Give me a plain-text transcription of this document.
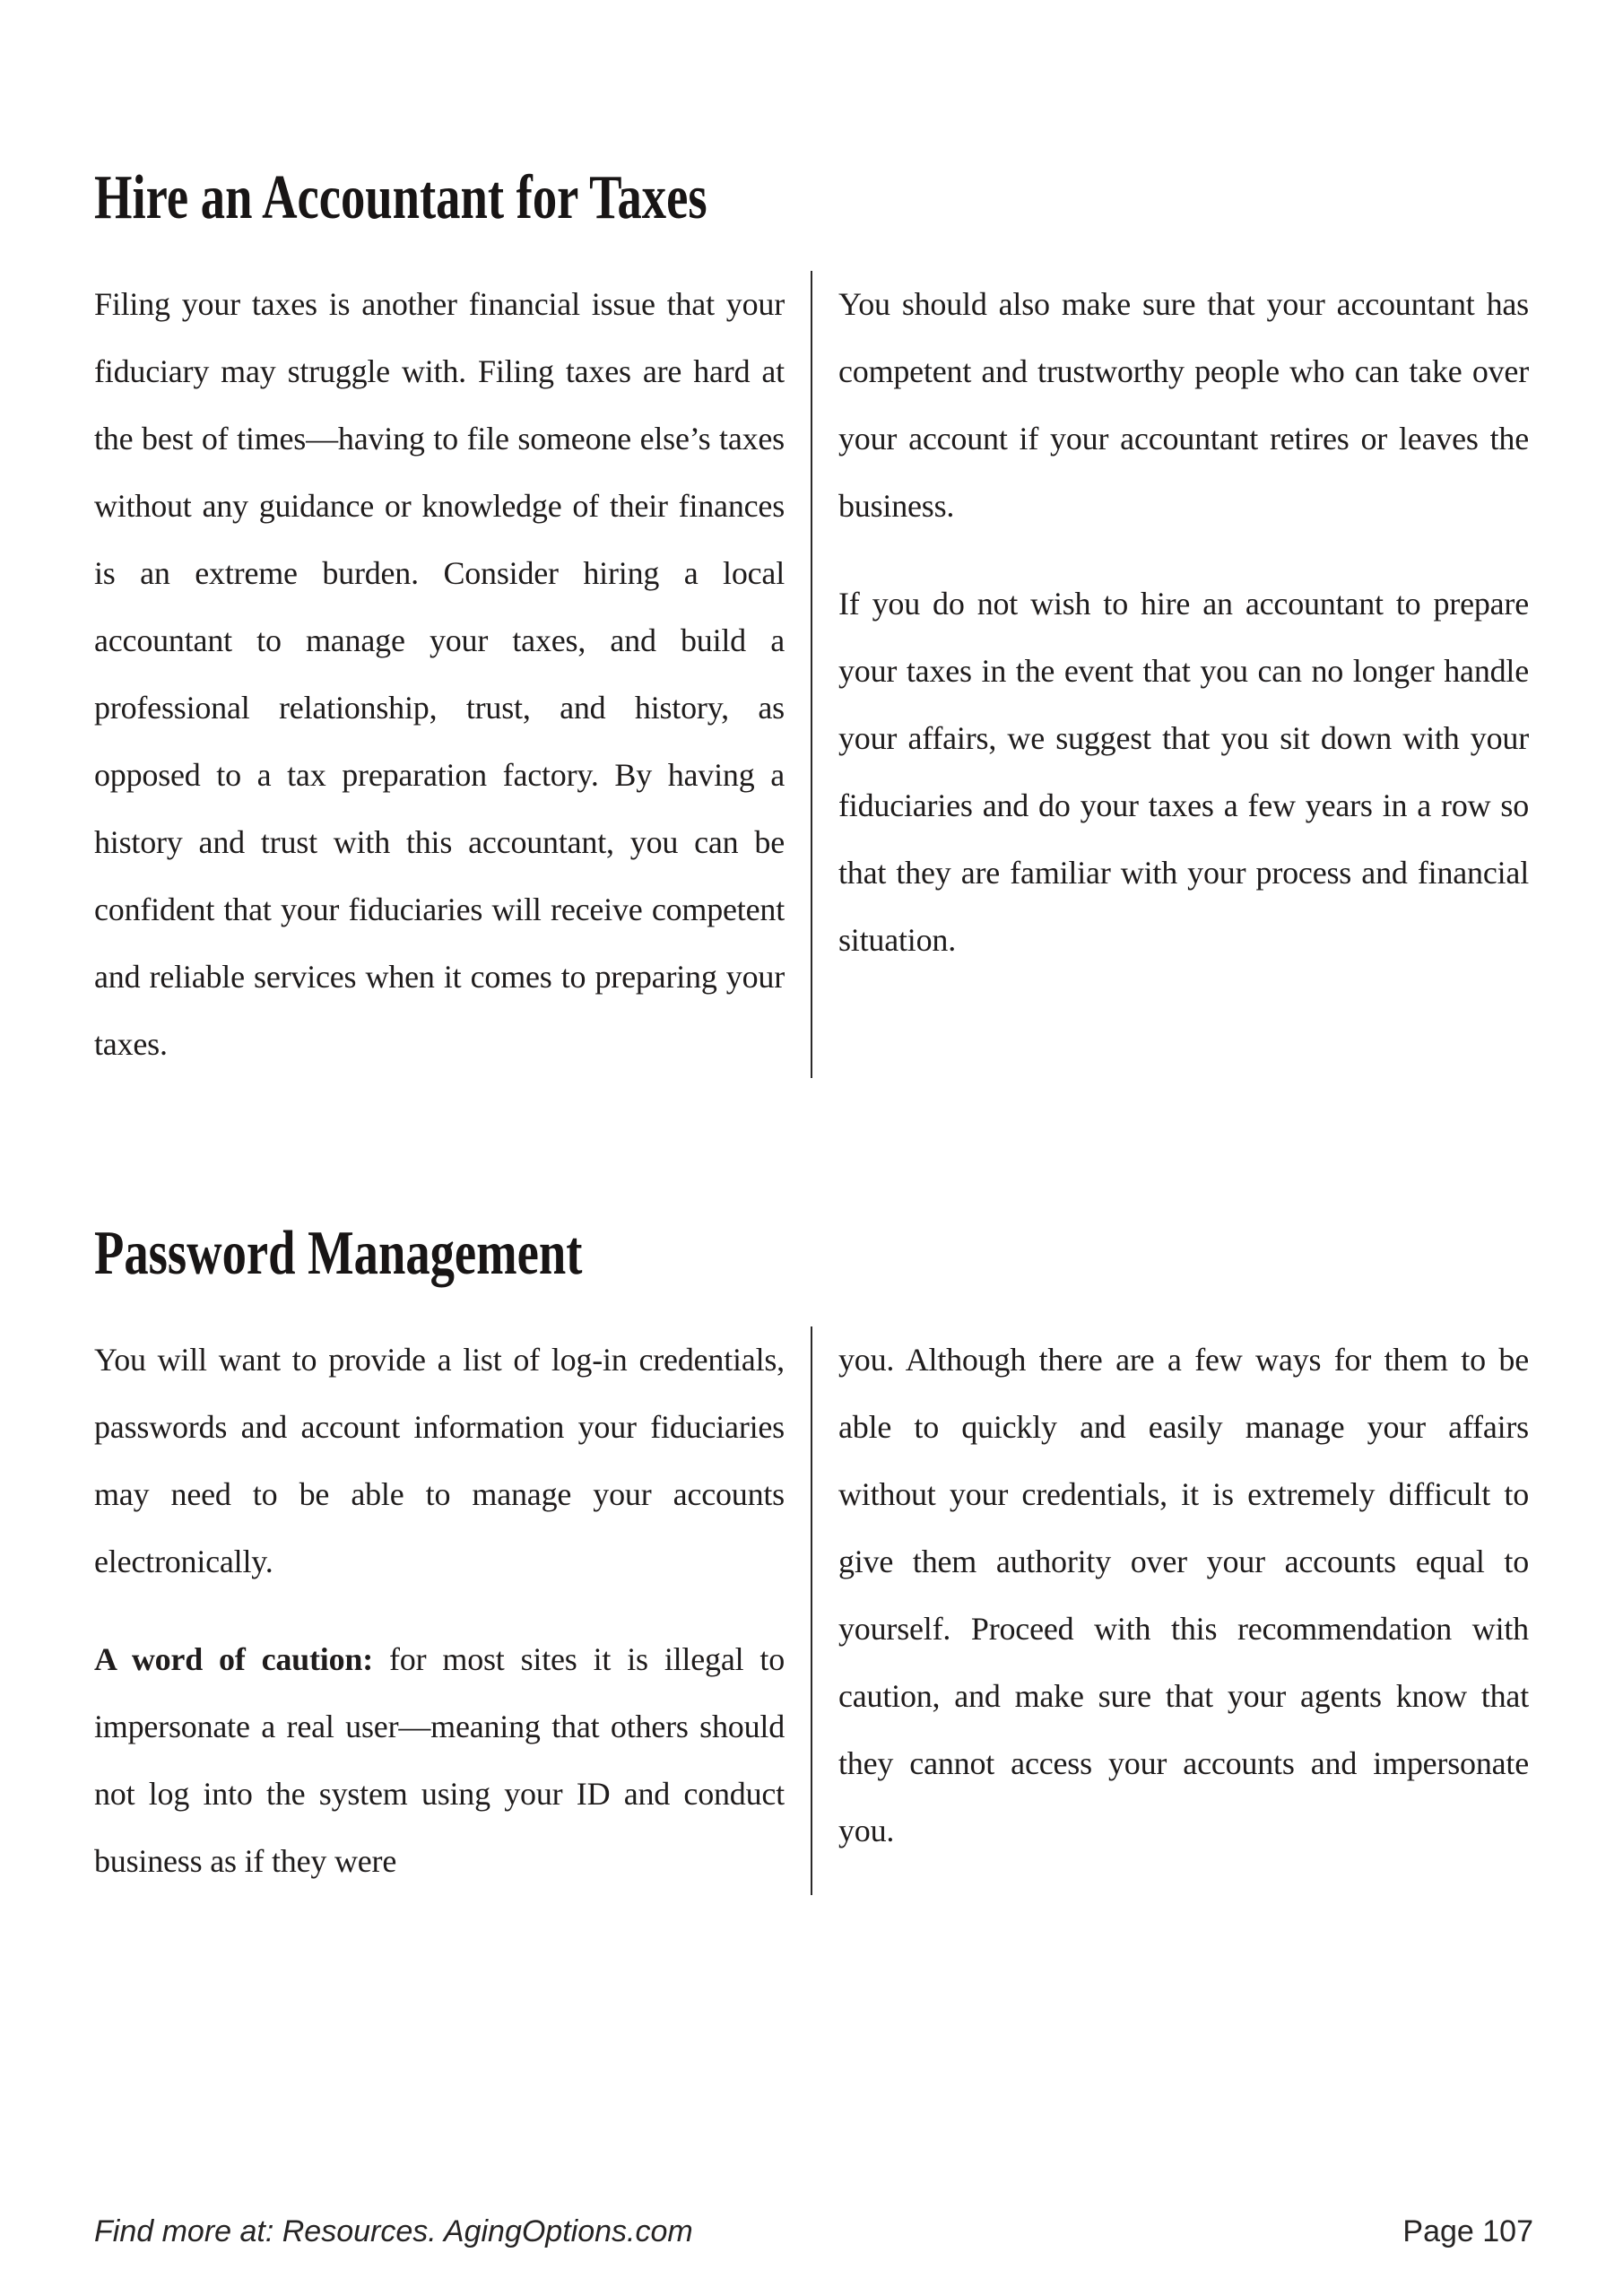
Hire an Accountant for Taxes

Filing your taxes is another financial issue that your fiduciary may struggle with. Filing taxes are hard at the best of times—having to file someone else’s taxes without any guidance or knowledge of their finances is an extreme burden. Consider hiring a local accountant to manage your taxes, and build a professional relationship, trust, and history, as opposed to a tax preparation factory. By having a history and trust with this accountant, you can be confident that your fiduciaries will receive competent and reliable services when it comes to preparing your taxes.

You should also make sure that your accountant has competent and trustworthy people who can take over your account if your accountant retires or leaves the business.

If you do not wish to hire an accountant to prepare your taxes in the event that you can no longer handle your affairs, we suggest that you sit down with your fiduciaries and do your taxes a few years in a row so that they are familiar with your process and financial situation.

Password Management

You will want to provide a list of log-in credentials, passwords and account information your fiduciaries may need to be able to manage your accounts electronically.

A word of caution: for most sites it is illegal to impersonate a real user—meaning that others should not log into the system using your ID and conduct business as if they were

you. Although there are a few ways for them to be able to quickly and easily manage your affairs without your credentials, it is extremely difficult to give them authority over your accounts equal to yourself. Proceed with this recommendation with caution, and make sure that your agents know that they cannot access your accounts and impersonate you.

Find more at: Resources. AgingOptions.com	Page 107
